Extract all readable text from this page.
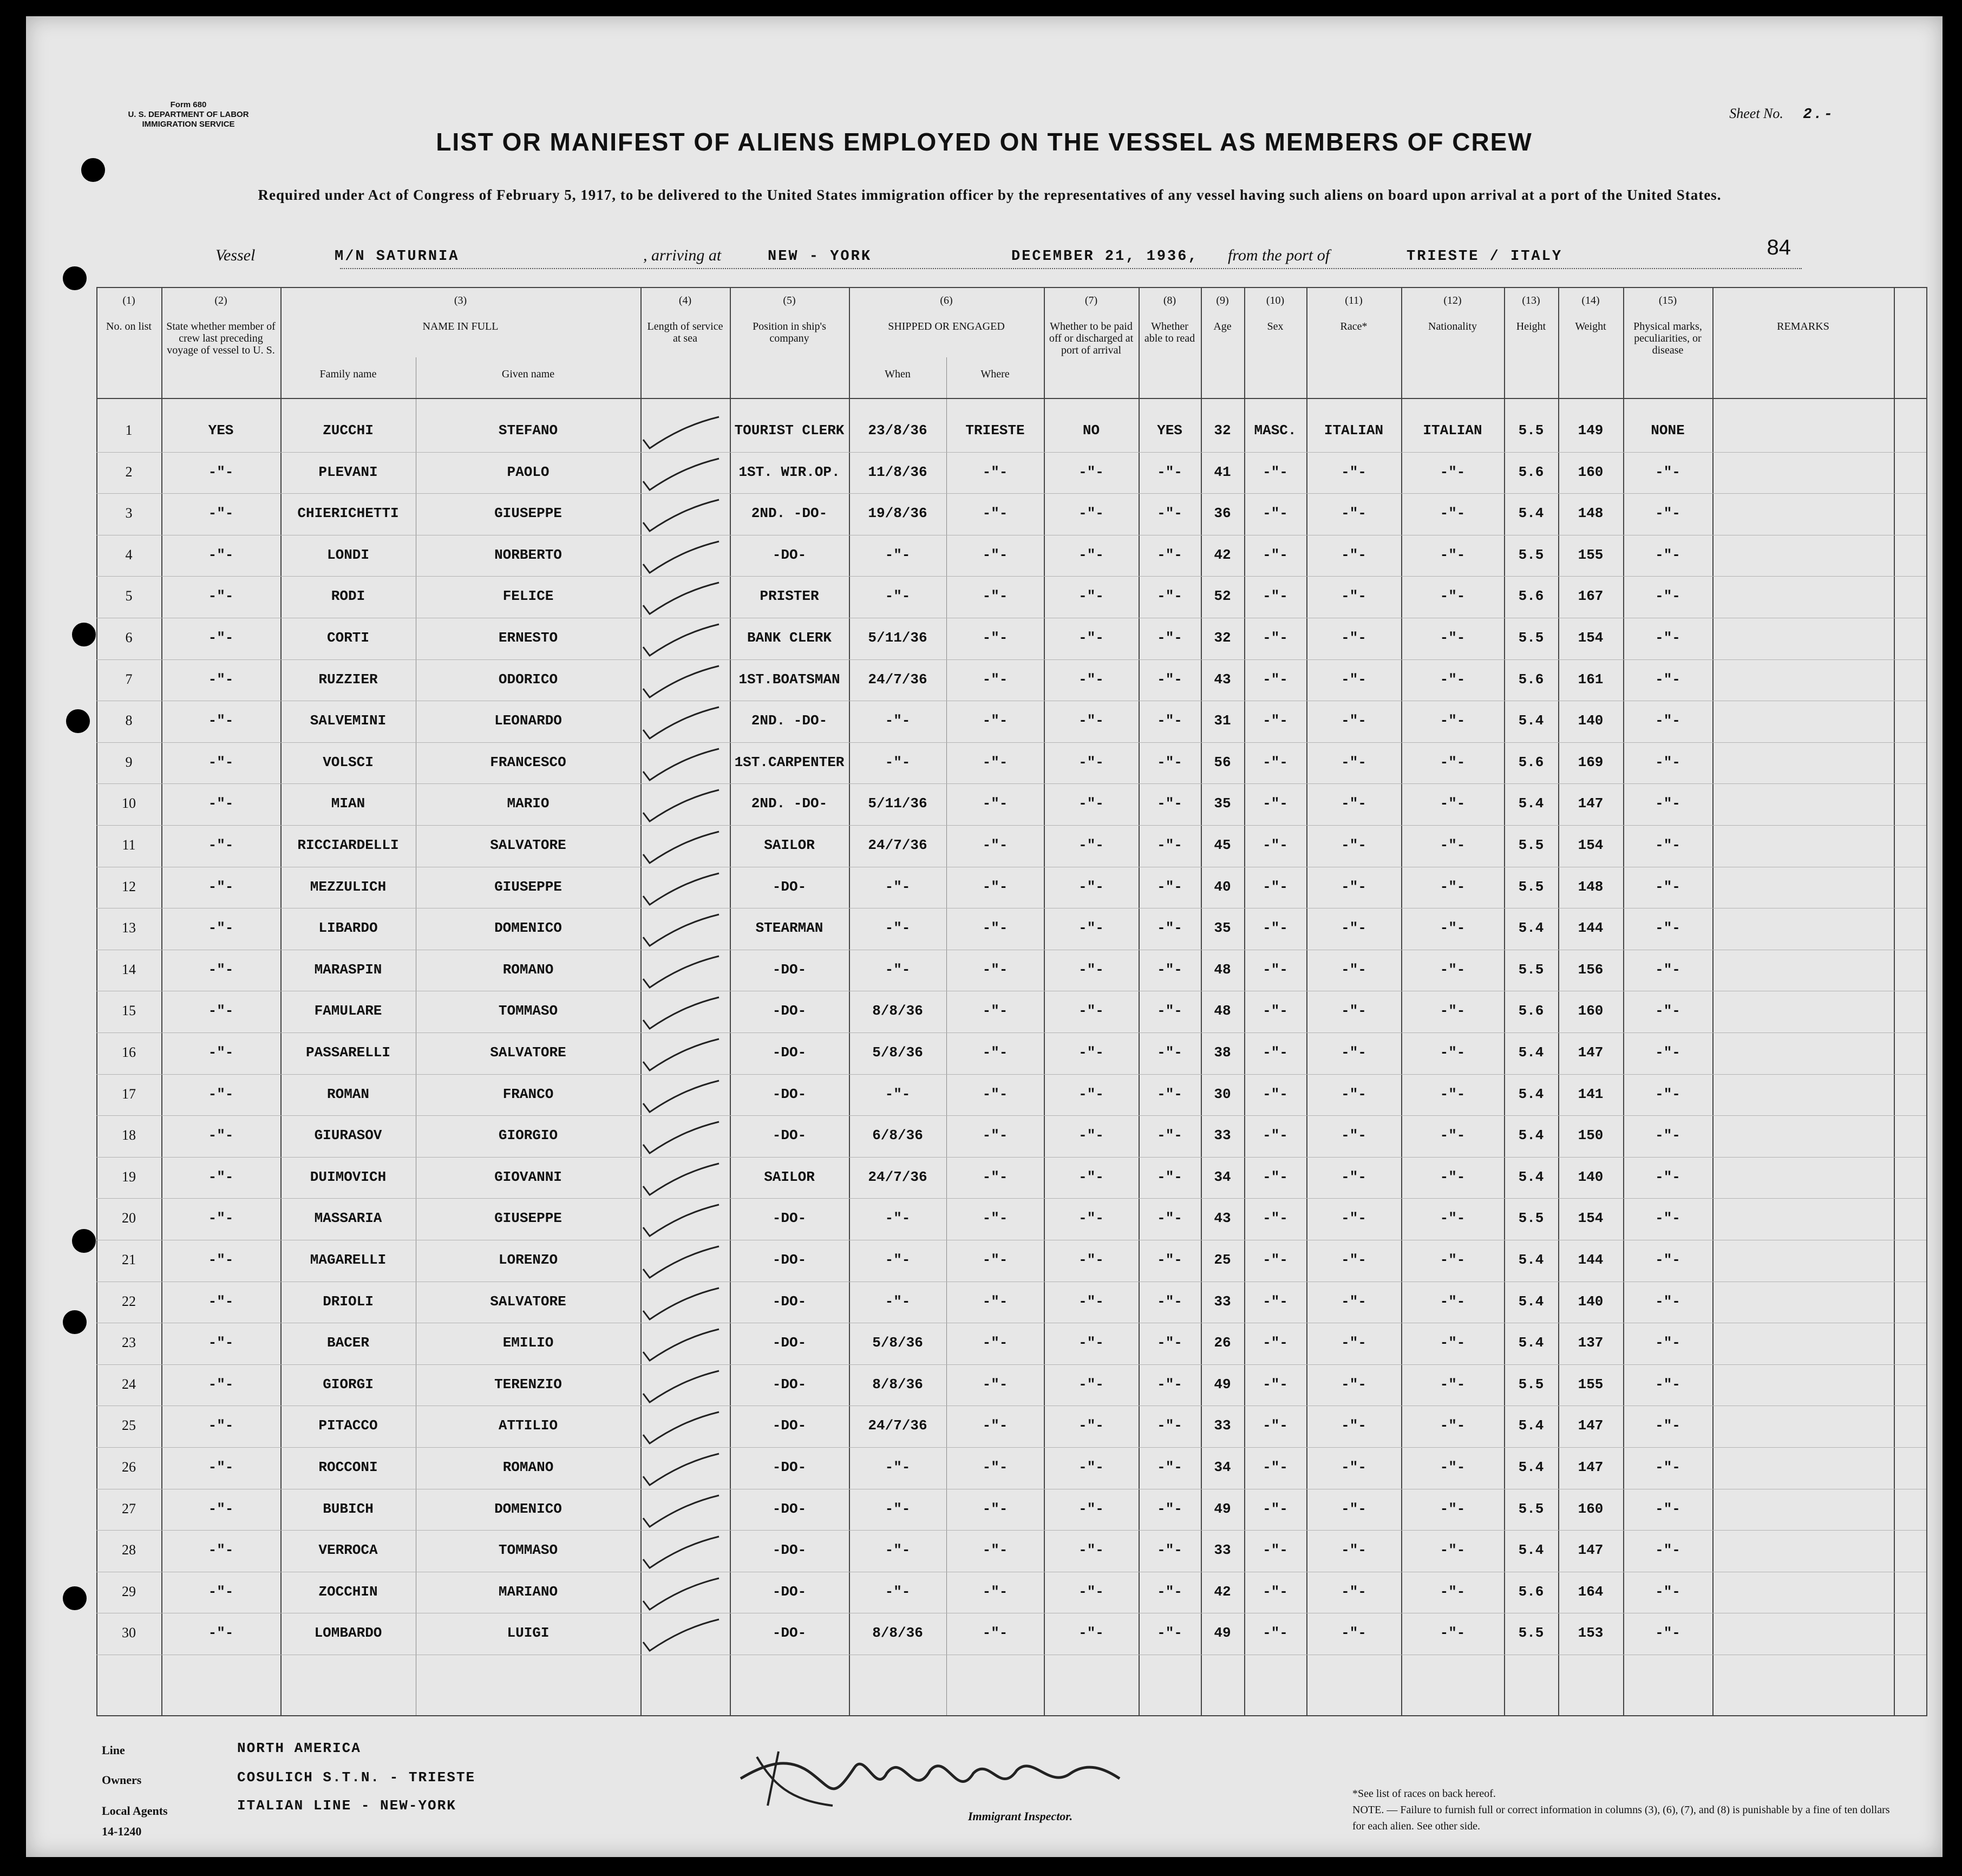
Form 680
U. S. DEPARTMENT OF LABOR
IMMIGRATION SERVICE
Sheet No. 2.-
LIST OR MANIFEST OF ALIENS EMPLOYED ON THE VESSEL AS MEMBERS OF CREW
Required under Act of Congress of February 5, 1917, to be delivered to the United States immigration officer by the representatives of any vessel having such aliens on board upon arrival at a port of the United States.
Vessel	M/N SATURNIA	, arriving at	NEW - YORK	DECEMBER 21, 1936, from the port of	TRIESTE / ITALY	84
(1)
No. on list
(2)
State whether member of crew last preceding voyage of vessel to U. S.
(3)
NAME IN FULL
Family name	Given name
(4)
Length of service at sea
(5)
Position in ship's company
(6)
SHIPPED OR ENGAGED
When	Where
(7)
Whether to be paid off or discharged at port of arrival
(8)
Whether able to read
(9)
Age
(10)
Sex
(11)
Race*
(12)
Nationality
(13)
Height
(14)
Weight
(15)
Physical marks, peculiarities, or disease
REMARKS
1	YES	ZUCCHI	STEFANO	TOURIST CLERK	23/8/36	TRIESTE	NO	YES	32	MASC.	ITALIAN	ITALIAN	5.5	149	NONE
2	-"-	PLEVANI	PAOLO	1ST. WIR.OP.	11/8/36	-"-	-"-	-"-	41	-"-	-"-	-"-	5.6	160	-"-
3	-"-	CHIERICHETTI	GIUSEPPE	2ND. -DO-	19/8/36	-"-	-"-	-"-	36	-"-	-"-	-"-	5.4	148	-"-
4	-"-	LONDI	NORBERTO	-DO-	-"-	-"-	-"-	-"-	42	-"-	-"-	-"-	5.5	155	-"-
5	-"-	RODI	FELICE	PRISTER	-"-	-"-	-"-	-"-	52	-"-	-"-	-"-	5.6	167	-"-
6	-"-	CORTI	ERNESTO	BANK CLERK	5/11/36	-"-	-"-	-"-	32	-"-	-"-	-"-	5.5	154	-"-
7	-"-	RUZZIER	ODORICO	1ST.BOATSMAN	24/7/36	-"-	-"-	-"-	43	-"-	-"-	-"-	5.6	161	-"-
8	-"-	SALVEMINI	LEONARDO	2ND. -DO-	-"-	-"-	-"-	-"-	31	-"-	-"-	-"-	5.4	140	-"-
9	-"-	VOLSCI	FRANCESCO	1ST.CARPENTER	-"-	-"-	-"-	-"-	56	-"-	-"-	-"-	5.6	169	-"-
10	-"-	MIAN	MARIO	2ND. -DO-	5/11/36	-"-	-"-	-"-	35	-"-	-"-	-"-	5.4	147	-"-
11	-"-	RICCIARDELLI	SALVATORE	SAILOR	24/7/36	-"-	-"-	-"-	45	-"-	-"-	-"-	5.5	154	-"-
12	-"-	MEZZULICH	GIUSEPPE	-DO-	-"-	-"-	-"-	-"-	40	-"-	-"-	-"-	5.5	148	-"-
13	-"-	LIBARDO	DOMENICO	STEARMAN	-"-	-"-	-"-	-"-	35	-"-	-"-	-"-	5.4	144	-"-
14	-"-	MARASPIN	ROMANO	-DO-	-"-	-"-	-"-	-"-	48	-"-	-"-	-"-	5.5	156	-"-
15	-"-	FAMULARE	TOMMASO	-DO-	8/8/36	-"-	-"-	-"-	48	-"-	-"-	-"-	5.6	160	-"-
16	-"-	PASSARELLI	SALVATORE	-DO-	5/8/36	-"-	-"-	-"-	38	-"-	-"-	-"-	5.4	147	-"-
17	-"-	ROMAN	FRANCO	-DO-	-"-	-"-	-"-	-"-	30	-"-	-"-	-"-	5.4	141	-"-
18	-"-	GIURASOV	GIORGIO	-DO-	6/8/36	-"-	-"-	-"-	33	-"-	-"-	-"-	5.4	150	-"-
19	-"-	DUIMOVICH	GIOVANNI	SAILOR	24/7/36	-"-	-"-	-"-	34	-"-	-"-	-"-	5.4	140	-"-
20	-"-	MASSARIA	GIUSEPPE	-DO-	-"-	-"-	-"-	-"-	43	-"-	-"-	-"-	5.5	154	-"-
21	-"-	MAGARELLI	LORENZO	-DO-	-"-	-"-	-"-	-"-	25	-"-	-"-	-"-	5.4	144	-"-
22	-"-	DRIOLI	SALVATORE	-DO-	-"-	-"-	-"-	-"-	33	-"-	-"-	-"-	5.4	140	-"-
23	-"-	BACER	EMILIO	-DO-	5/8/36	-"-	-"-	-"-	26	-"-	-"-	-"-	5.4	137	-"-
24	-"-	GIORGI	TERENZIO	-DO-	8/8/36	-"-	-"-	-"-	49	-"-	-"-	-"-	5.5	155	-"-
25	-"-	PITACCO	ATTILIO	-DO-	24/7/36	-"-	-"-	-"-	33	-"-	-"-	-"-	5.4	147	-"-
26	-"-	ROCCONI	ROMANO	-DO-	-"-	-"-	-"-	-"-	34	-"-	-"-	-"-	5.4	147	-"-
27	-"-	BUBICH	DOMENICO	-DO-	-"-	-"-	-"-	-"-	49	-"-	-"-	-"-	5.5	160	-"-
28	-"-	VERROCA	TOMMASO	-DO-	-"-	-"-	-"-	-"-	33	-"-	-"-	-"-	5.4	147	-"-
29	-"-	ZOCCHIN	MARIANO	-DO-	-"-	-"-	-"-	-"-	42	-"-	-"-	-"-	5.6	164	-"-
30	-"-	LOMBARDO	LUIGI	-DO-	8/8/36	-"-	-"-	-"-	49	-"-	-"-	-"-	5.5	153	-"-
Line	NORTH AMERICA
Owners	COSULICH S.T.N. - TRIESTE
Local Agents	ITALIAN LINE - NEW-YORK
14-1240
Immigrant Inspector.
*See list of races on back hereof.
NOTE. — Failure to furnish full or correct information in columns (3), (6), (7), and (8) is punishable by a fine of ten dollars for each alien. See other side.
